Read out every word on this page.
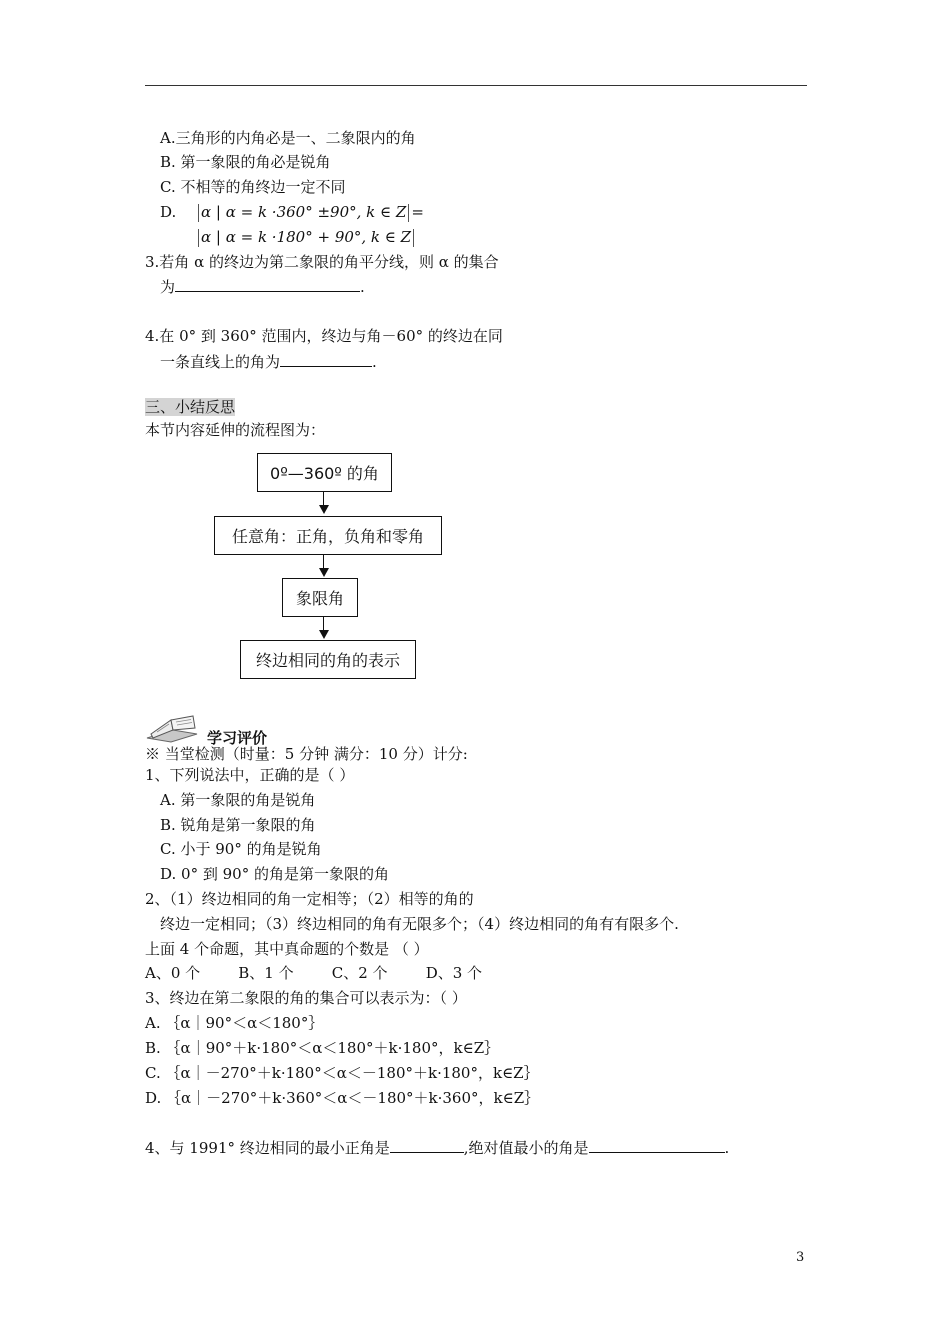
A.三角形的内角必是一、二象限内的角
B. 第一象限的角必是锐角
C. 不相等的角终边一定不同
D.	α | α = k ·360° ±90°, k ∈ Z =
α | α = k ·180° + 90°, k ∈ Z
3.若角 α 的终边为第二象限的角平分线，则 α 的集合
为	.
4.在 0° 到 360° 范围内，终边与角－60° 的终边在同
一条直线上的角为	.
三、小结反思
本节内容延伸的流程图为：
0º—360º 的角
任意角：正角，负角和零角
象限角
终边相同的角的表示
学习评价
※ 当堂检测（时量：5 分钟 满分：10 分）计分:
1、下列说法中，正确的是（ ）
A. 第一象限的角是锐角
B. 锐角是第一象限的角
C. 小于 90° 的角是锐角
D. 0° 到 90° 的角是第一象限的角
2、（1）终边相同的角一定相等；（2）相等的角的
终边一定相同；（3）终边相同的角有无限多个；（4）终边相同的角有有限多个.
上面 4 个命题，其中真命题的个数是 （ ）
A、0 个        B、1 个        C、2 个        D、3 个
3、终边在第二象限的角的集合可以表示为：（ ）
A. ｛α｜90°＜α＜180°｝
B. ｛α｜90°＋k·180°＜α＜180°＋k·180°，k∈Z｝
C. ｛α｜－270°＋k·180°＜α＜－180°＋k·180°，k∈Z｝
D. ｛α｜－270°＋k·360°＜α＜－180°＋k·360°，k∈Z｝
4、与 1991° 终边相同的最小正角是	,绝对值最小的角是	.
3
